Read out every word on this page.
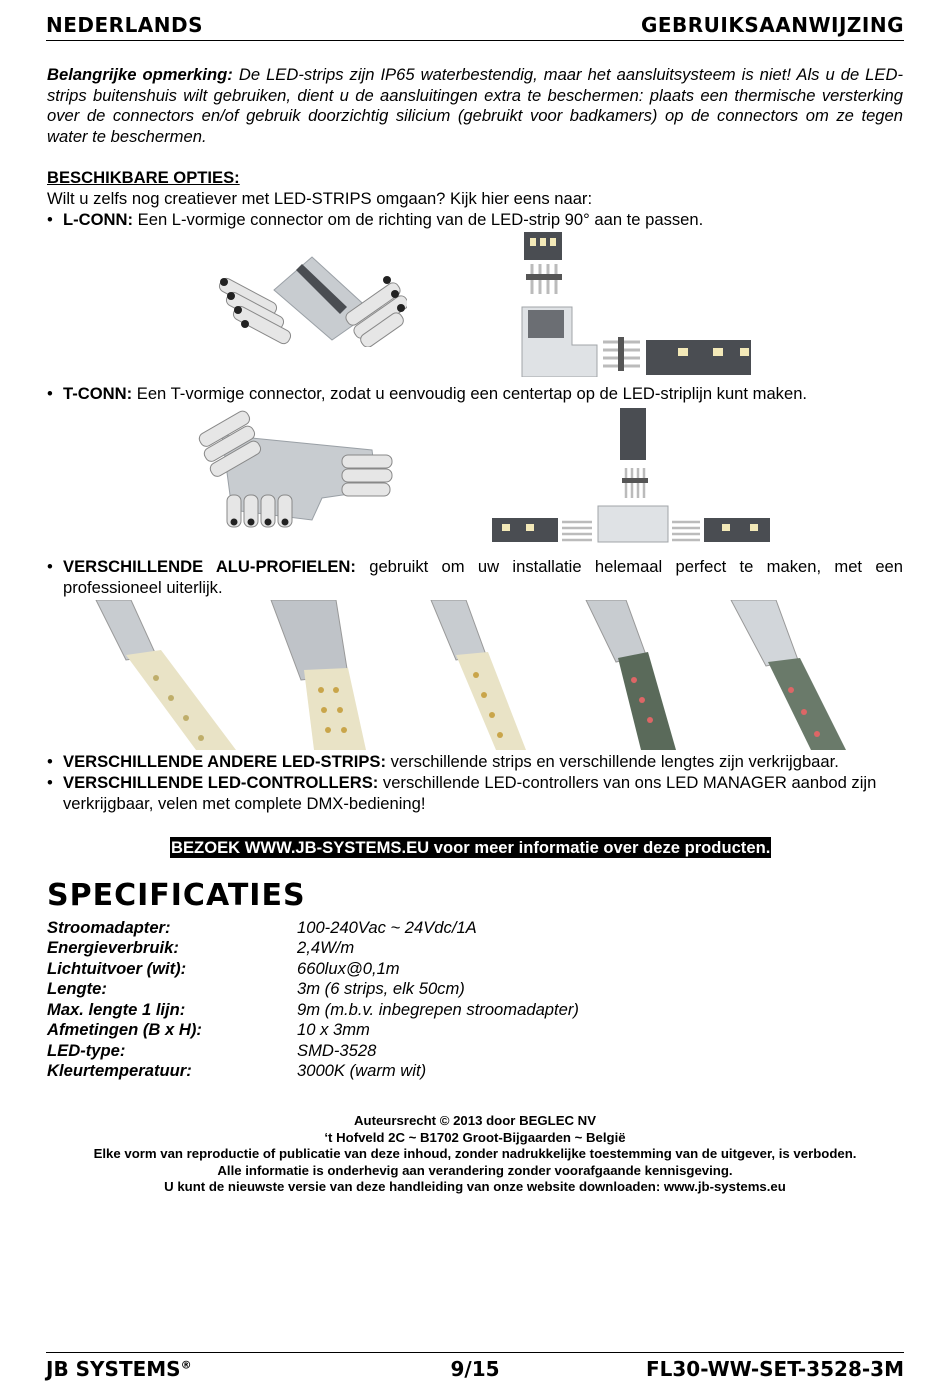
NEDERLANDS	GEBRUIKSAANWIJZING
Belangrijke opmerking: De LED-strips zijn IP65 waterbestendig, maar het aansluitsysteem is niet! Als u de LED-strips buitenshuis wilt gebruiken, dient u de aansluitingen extra te beschermen: plaats een thermische versterking over de connectors en/of gebruik doorzichtig silicium (gebruikt voor badkamers) op de connectors om ze tegen water te beschermen.
BESCHIKBARE OPTIES:
Wilt u zelfs nog creatiever met LED-STRIPS omgaan? Kijk hier eens naar:
• L-CONN: Een L-vormige connector om de richting van de LED-strip 90° aan te passen.
• T-CONN: Een T-vormige connector, zodat u eenvoudig een centertap op de LED-striplijn kunt maken.
• VERSCHILLENDE ALU-PROFIELEN: gebruikt om uw installatie helemaal perfect te maken, met een professioneel uiterlijk.
• VERSCHILLENDE ANDERE LED-STRIPS: verschillende strips en verschillende lengtes zijn verkrijgbaar.
• VERSCHILLENDE LED-CONTROLLERS: verschillende LED-controllers van ons LED MANAGER aanbod zijn verkrijgbaar, velen met complete DMX-bediening!
BEZOEK WWW.JB-SYSTEMS.EU voor meer informatie over deze producten.
SPECIFICATIES
Stroomadapter:	100-240Vac ~ 24Vdc/1A
Energieverbruik:	2,4W/m
Lichtuitvoer (wit):	660lux@0,1m
Lengte:	3m (6 strips, elk 50cm)
Max. lengte 1 lijn:	9m (m.b.v. inbegrepen stroomadapter)
Afmetingen (B x H):	10 x 3mm
LED-type:	SMD-3528
Kleurtemperatuur:	3000K (warm wit)
Auteursrecht © 2013 door BEGLEC NV
‘t Hofveld 2C ~ B1702 Groot-Bijgaarden ~ België
Elke vorm van reproductie of publicatie van deze inhoud, zonder nadrukkelijke toestemming van de uitgever, is verboden.
Alle informatie is onderhevig aan verandering zonder voorafgaande kennisgeving.
U kunt de nieuwste versie van deze handleiding van onze website downloaden: www.jb-systems.eu
JB SYSTEMS®	9/15	FL30-WW-SET-3528-3M
